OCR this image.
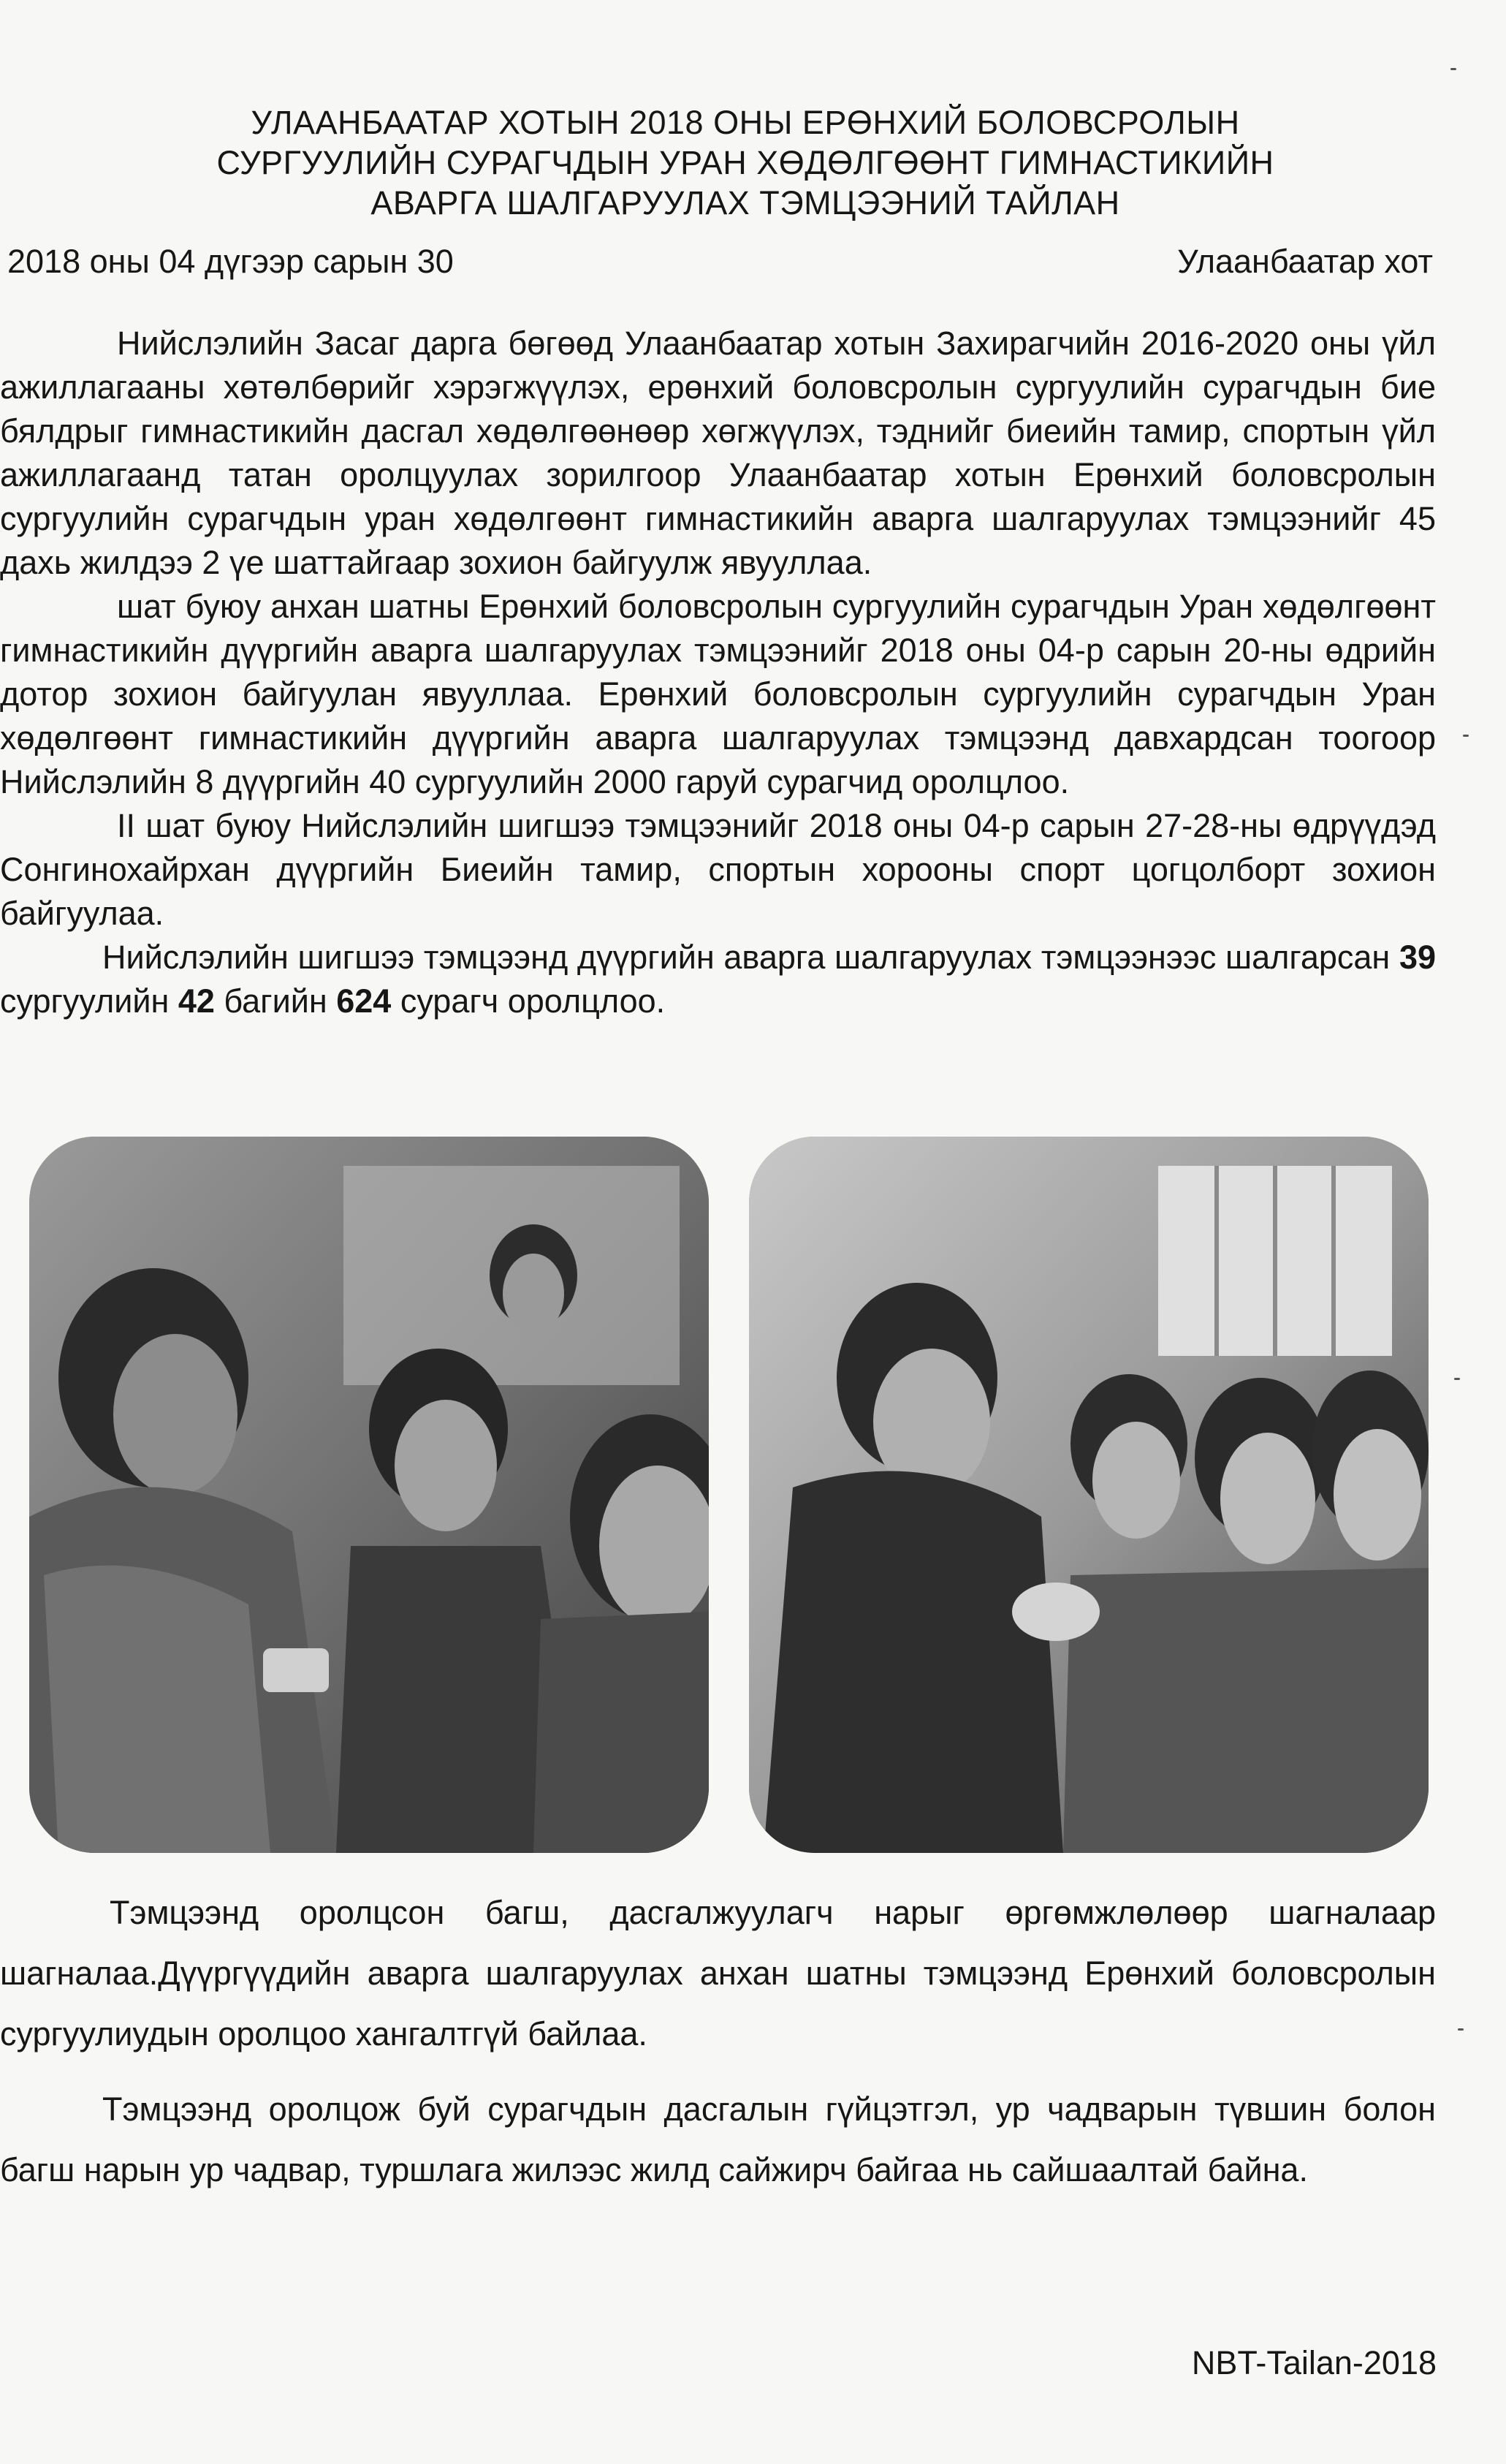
УЛААНБААТАР ХОТЫН 2018 ОНЫ ЕРӨНХИЙ БОЛОВСРОЛЫН
СУРГУУЛИЙН СУРАГЧДЫН УРАН ХӨДӨЛГӨӨНТ ГИМНАСТИКИЙН
АВАРГА ШАЛГАРУУЛАХ ТЭМЦЭЭНИЙ ТАЙЛАН
2018 оны 04 дүгээр сарын 30	Улаанбаатар хот

Нийслэлийн Засаг дарга бөгөөд Улаанбаатар хотын Захирагчийн 2016-2020 оны үйл ажиллагааны хөтөлбөрийг хэрэгжүүлэх, ерөнхий боловсролын сургуулийн сурагчдын бие бялдрыг гимнастикийн дасгал хөдөлгөөнөөр хөгжүүлэх, тэднийг биеийн тамир, спортын үйл ажиллагаанд татан оролцуулах зорилгоор Улаанбаатар хотын Ерөнхий боловсролын сургуулийн сурагчдын уран хөдөлгөөнт гимнастикийн аварга шалгаруулах тэмцээнийг 45 дахь жилдээ 2 үе шаттайгаар зохион байгуулж явууллаа.

шат буюу анхан шатны Ерөнхий боловсролын сургуулийн сурагчдын Уран хөдөлгөөнт гимнастикийн дүүргийн аварга шалгаруулах тэмцээнийг 2018 оны 04-р сарын 20-ны өдрийн дотор зохион байгуулан явууллаа. Ерөнхий боловсролын сургуулийн сурагчдын Уран хөдөлгөөнт гимнастикийн дүүргийн аварга шалгаруулах тэмцээнд давхардсан тоогоор Нийслэлийн 8 дүүргийн 40 сургуулийн 2000 гаруй сурагчид оролцлоо.

II шат буюу Нийслэлийн шигшээ тэмцээнийг 2018 оны 04-р сарын 27-28-ны өдрүүдэд Сонгинохайрхан дүүргийн Биеийн тамир, спортын хорооны спорт цогцолборт зохион байгуулаа.

Нийслэлийн шигшээ тэмцээнд дүүргийн аварга шалгаруулах тэмцээнээс шалгарсан 39 сургуулийн 42 багийн 624 сурагч оролцлоо.

Тэмцээнд оролцсон багш, дасгалжуулагч нарыг өргөмжлөлөөр шагналаар шагналаа.Дүүргүүдийн аварга шалгаруулах анхан шатны тэмцээнд Ерөнхий боловсролын сургуулиудын оролцоо хангалтгүй байлаа.

Тэмцээнд оролцож буй сурагчдын дасгалын гүйцэтгэл, ур чадварын түвшин болон багш нарын ур чадвар, туршлага жилээс жилд сайжирч байгаа нь сайшаалтай байна.

NBT-Tailan-2018
